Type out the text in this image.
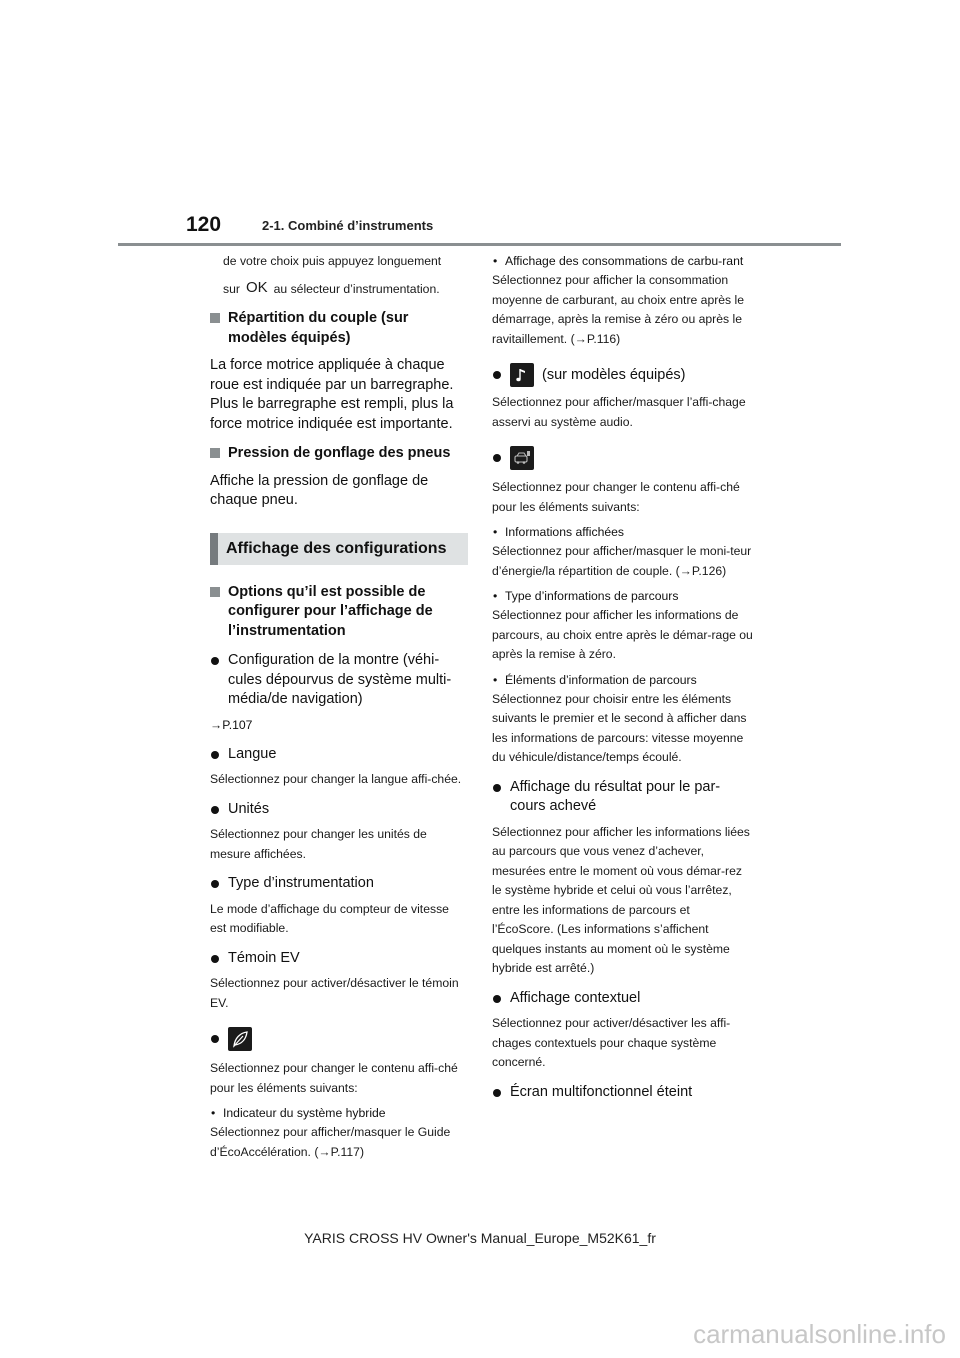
120	2-1. Combiné d’instruments

de votre choix puis appuyez longuement

sur OK au sélecteur d’instrumentation.

Répartition du couple (sur modèles équipés)

La force motrice appliquée à chaque roue est indiquée par un barregraphe. Plus le barregraphe est rempli, plus la force motrice indiquée est importante.

Pression de gonflage des pneus

Affiche la pression de gonflage de chaque pneu.

Affichage des configurations
Options qu’il est possible de configurer pour l’affichage de l’instrumentation
Configuration de la montre (véhi-cules dépourvus de système multi-média/de navigation)

→P.107

Langue

Sélectionnez pour changer la langue affi-chée.

Unités

Sélectionnez pour changer les unités de mesure affichées.

Type d’instrumentation

Le mode d’affichage du compteur de vitesse est modifiable.

Témoin EV

Sélectionnez pour activer/désactiver le témoin EV.

Sélectionnez pour changer le contenu affi-ché pour les éléments suivants:

• Indicateur du système hybride

Sélectionnez pour afficher/masquer le Guide d’ÉcoAccélération. (→P.117)

• Affichage des consommations de carbu-rant

Sélectionnez pour afficher la consommation moyenne de carburant, au choix entre après le démarrage, après la remise à zéro ou après le ravitaillement. (→P.116)

(sur modèles équipés)

Sélectionnez pour afficher/masquer l’affi-chage asservi au système audio.

Sélectionnez pour changer le contenu affi-ché pour les éléments suivants:

• Informations affichées

Sélectionnez pour afficher/masquer le moni-teur d’énergie/la répartition de couple. (→P.126)

• Type d’informations de parcours

Sélectionnez pour afficher les informations de parcours, au choix entre après le démar-rage ou après la remise à zéro.

• Éléments d’information de parcours

Sélectionnez pour choisir entre les éléments suivants le premier et le second à afficher dans les informations de parcours: vitesse moyenne du véhicule/distance/temps écoulé.

Affichage du résultat pour le par-cours achevé

Sélectionnez pour afficher les informations liées au parcours que vous venez d’achever, mesurées entre le moment où vous démar-rez le système hybride et celui où vous l’arrêtez, entre les informations de parcours et l’ÉcoScore. (Les informations s’affichent quelques instants au moment où le système hybride est arrêté.)

Affichage contextuel

Sélectionnez pour activer/désactiver les affi-chages contextuels pour chaque système concerné.

Écran multifonctionnel éteint
YARIS CROSS HV Owner's Manual_Europe_M52K61_fr
carmanualsonline.info
